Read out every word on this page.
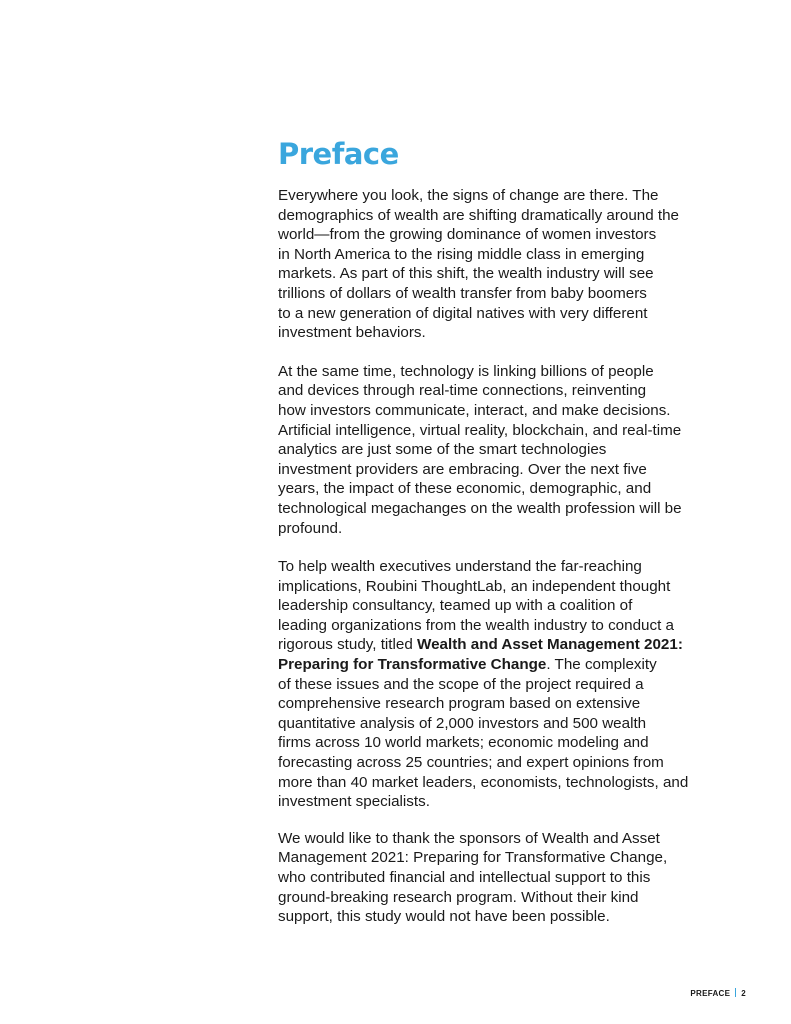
Preface

Everywhere you look, the signs of change are there. The
demographics of wealth are shifting dramatically around the
world—from the growing dominance of women investors
in North America to the rising middle class in emerging
markets. As part of this shift, the wealth industry will see
trillions of dollars of wealth transfer from baby boomers
to a new generation of digital natives with very different
investment behaviors.

At the same time, technology is linking billions of people
and devices through real-time connections, reinventing
how investors communicate, interact, and make decisions.
Artificial intelligence, virtual reality, blockchain, and real-time
analytics are just some of the smart technologies
investment providers are embracing. Over the next five
years, the impact of these economic, demographic, and
technological megachanges on the wealth profession will be
profound.

To help wealth executives understand the far-reaching
implications, Roubini ThoughtLab, an independent thought
leadership consultancy, teamed up with a coalition of
leading organizations from the wealth industry to conduct a
rigorous study, titled Wealth and Asset Management 2021:
Preparing for Transformative Change. The complexity
of these issues and the scope of the project required a
comprehensive research program based on extensive
quantitative analysis of 2,000 investors and 500 wealth
firms across 10 world markets; economic modeling and
forecasting across 25 countries; and expert opinions from
more than 40 market leaders, economists, technologists, and
investment specialists.

We would like to thank the sponsors of Wealth and Asset
Management 2021: Preparing for Transformative Change,
who contributed financial and intellectual support to this
ground-breaking research program. Without their kind
support, this study would not have been possible.

PREFACE 2
